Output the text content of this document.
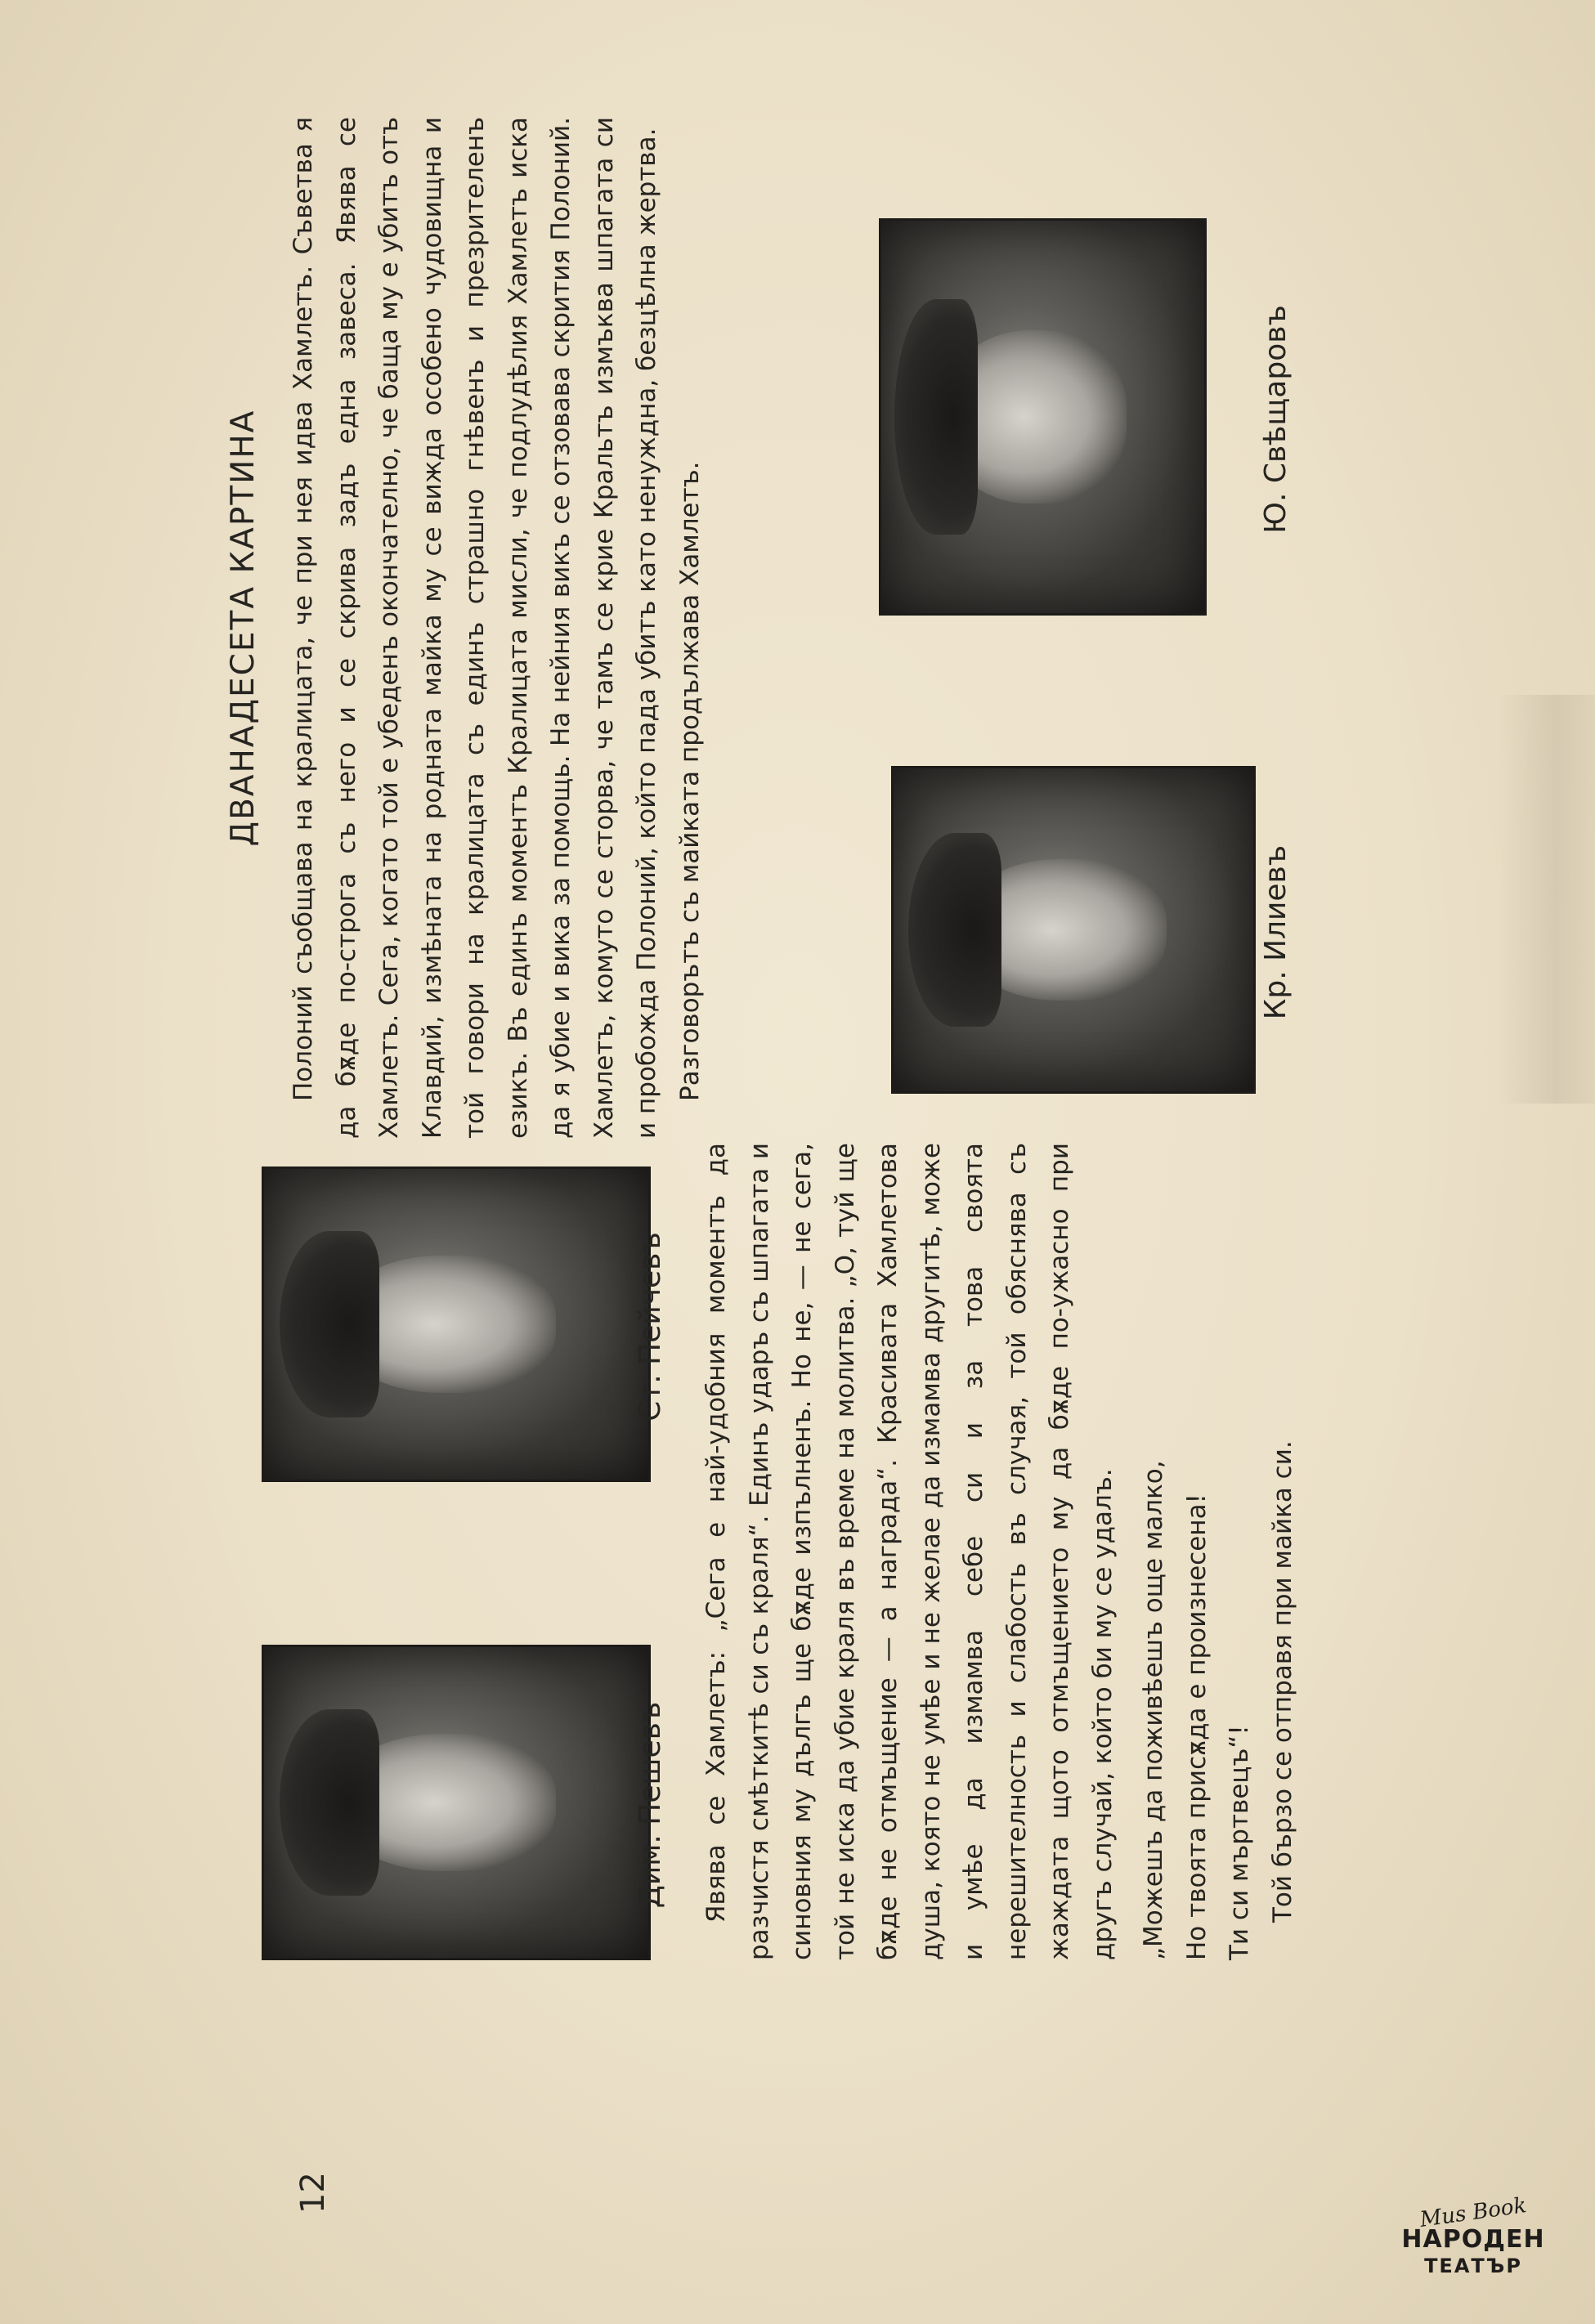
12
Дим. Пешевъ
Ст. Пейчевъ Явява се Хамлетъ: „Сега е най-удобния моментъ да разчистя смѣткитѣ си съ краля“. Единъ ударъ съ шпагата и синовния му дългъ ще бѫде изпълненъ. Но не, — не сега, той не иска да убие краля въ време на молитва. „О, туй ще бѫде не отмъщение — а награда“. Красивата Хамлетова душа, която не умѣе и не желае да измамва другитѣ, може и умѣе да измамва себе си и за това своята нерешителность и слабость въ случая, той обяснява съ жаждата щото отмъщението му да бѫде по-ужасно при другъ случай, който би му се удалъ. „Можешъ да поживѣешъ още малко, Но твоята присѫда е произнесена! Ти си мъртвецъ“! Той бързо се отправя при майка си.

ДВАНАДЕСЕТА КАРТИНА Полоний съобщава на кралицата, че при нея идва Хамлетъ. Съветва я да бѫде по-строга съ него и се скрива задъ една завеса. Явява се Хамлетъ. Сега, когато той е убеденъ окончателно, че баща му е убитъ отъ Клавдий, измѣната на родната майка му се вижда особено чудовищна и той говори на кралицата съ единъ страшно гнѣвенъ и презрителенъ езикъ. Въ единъ моментъ Кралицата мисли, че подлудѣлия Хамлетъ иска да я убие и вика за помощь. На нейния викъ се отзовава скрития Полоний. Хамлетъ, комуто се сторва, че тамъ се крие Кральтъ измъква шпагата си и пробожда Полоний, който пада убитъ като ненуждна, безцѣлна жертва. Разговорътъ съ майката продължава Хамлетъ.	Кр. Илиевъ
Ю. Свѣщаровъ
Mus Book
НАРОДЕН
ТЕАТЪР
